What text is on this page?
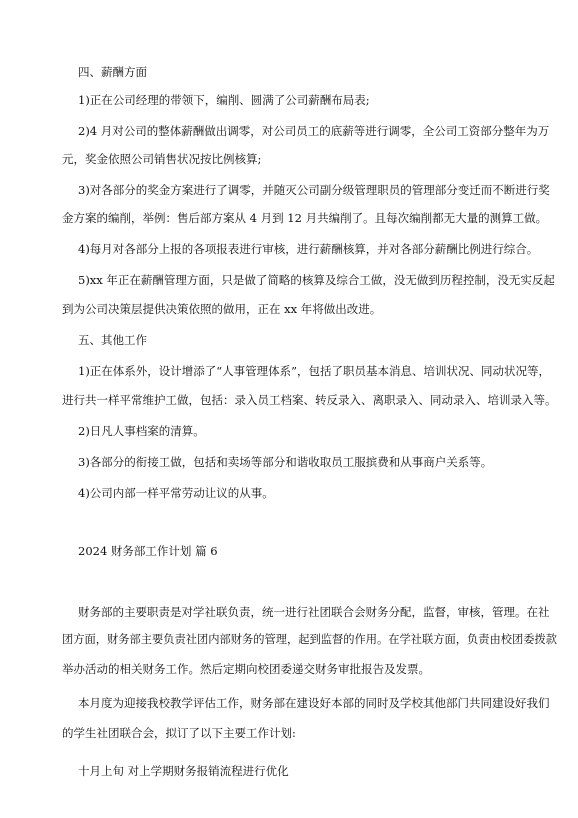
四、薪酬方面
1)正在公司经理的带领下，编削、圆满了公司薪酬布局表;
2)4 月对公司的整体薪酬做出调零，对公司员工的底薪等进行调零，全公司工资部分整年为万
元，奖金依照公司销售状况按比例核算;
3)对各部分的奖金方案进行了调零，并随灭公司副分级管理职员的管理部分变迁而不断进行奖
金方案的编削，举例：售后部方案从 4 月到 12 月共编削了。且每次编削都无大量的测算工做。
4)每月对各部分上报的各项报表进行审核，进行薪酬核算，并对各部分薪酬比例进行综合。
5)xx 年正在薪酬管理方面，只是做了简略的核算及综合工做，没无做到历程控制，没无实反起
到为公司决策层提供决策依照的做用，正在 xx 年将做出改进。
五、其他工作
1)正在体系外，设计增添了“人事管理体系”，包括了职员基本消息、培训状况、同动状况等，
进行共一样平常维护工做，包括：录入员工档案、转反录入、离职录入、同动录入、培训录入等。
2)日凡人事档案的清算。
3)各部分的衔接工做，包括和卖场等部分和谐收取员工服摈费和从事商户关系等。
4)公司内部一样平常劳动让议的从事。
2024 财务部工作计划 篇 6
财务部的主要职责是对学社联负责，统一进行社团联合会财务分配，监督，审核，管理。在社
团方面，财务部主要负责社团内部财务的管理，起到监督的作用。在学社联方面，负责由校团委拨款
举办活动的相关财务工作。然后定期向校团委递交财务审批报告及发票。
本月度为迎接我校教学评估工作，财务部在建设好本部的同时及学校其他部门共同建设好我们
的学生社团联合会，拟订了以下主要工作计划:
十月上旬 对上学期财务报销流程进行优化
